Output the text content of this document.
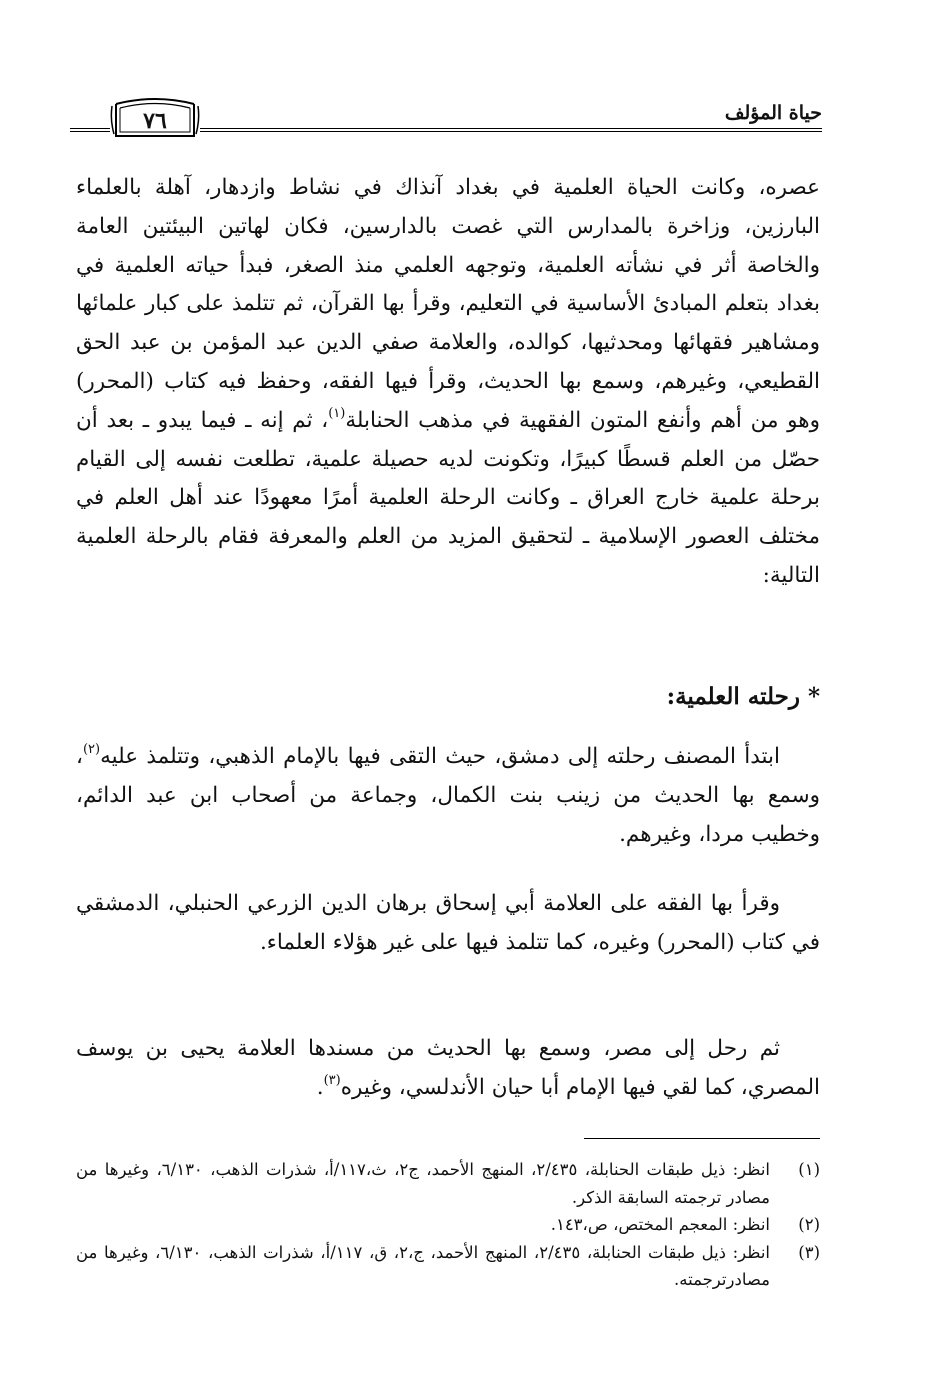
حياة المؤلف
٧٦
عصره، وكانت الحياة العلمية في بغداد آنذاك في نشاط وازدهار، آهلة بالعلماء البارزين، وزاخرة بالمدارس التي غصت بالدارسين، فكان لهاتين البيئتين العامة والخاصة أثر في نشأته العلمية، وتوجهه العلمي منذ الصغر، فبدأ حياته العلمية في بغداد بتعلم المبادئ الأساسية في التعليم، وقرأ بها القرآن، ثم تتلمذ على كبار علمائها ومشاهير فقهائها ومحدثيها، كوالده، والعلامة صفي الدين عبد المؤمن بن عبد الحق القطيعي، وغيرهم، وسمع بها الحديث، وقرأ فيها الفقه، وحفظ فيه كتاب (المحرر) وهو من أهم وأنفع المتون الفقهية في مذهب الحنابلة$^{(١)}$، ثم إنه ـ فيما يبدو ـ بعد أن حصّل من العلم قسطًا كبيرًا، وتكونت لديه حصيلة علمية، تطلعت نفسه إلى القيام برحلة علمية خارج العراق ـ وكانت الرحلة العلمية أمرًا معهودًا عند أهل العلم في مختلف العصور الإسلامية ـ لتحقيق المزيد من العلم والمعرفة فقام بالرحلة العلمية التالية:
*رحلته العلمية:
ابتدأ المصنف رحلته إلى دمشق، حيث التقى فيها بالإمام الذهبي، وتتلمذ عليه$^{(٢)}$، وسمع بها الحديث من زينب بنت الكمال، وجماعة من أصحاب ابن عبد الدائم، وخطيب مردا، وغيرهم.
وقرأ بها الفقه على العلامة أبي إسحاق برهان الدين الزرعي الحنبلي، الدمشقي في كتاب (المحرر) وغيره، كما تتلمذ فيها على غير هؤلاء العلماء.
ثم رحل إلى مصر، وسمع بها الحديث من مسندها العلامة يحيى بن يوسف المصري، كما لقي فيها الإمام أبا حيان الأندلسي، وغيره$^{(٣)}$.
(١)
انظر: ذيل طبقات الحنابلة، ٢/٤٣٥، المنهج الأحمد، ج٢، ث،١١٧/أ، شذرات الذهب، ٦/١٣٠، وغيرها من مصادر ترجمته السابقة الذكر.
(٢)
انظر: المعجم المختص، ص،١٤٣.
(٣)
انظر: ذيل طبقات الحنابلة، ٢/٤٣٥، المنهج الأحمد، ج،٢، ق، ١١٧/أ، شذرات الذهب، ٦/١٣٠، وغيرها من مصادرترجمته.
